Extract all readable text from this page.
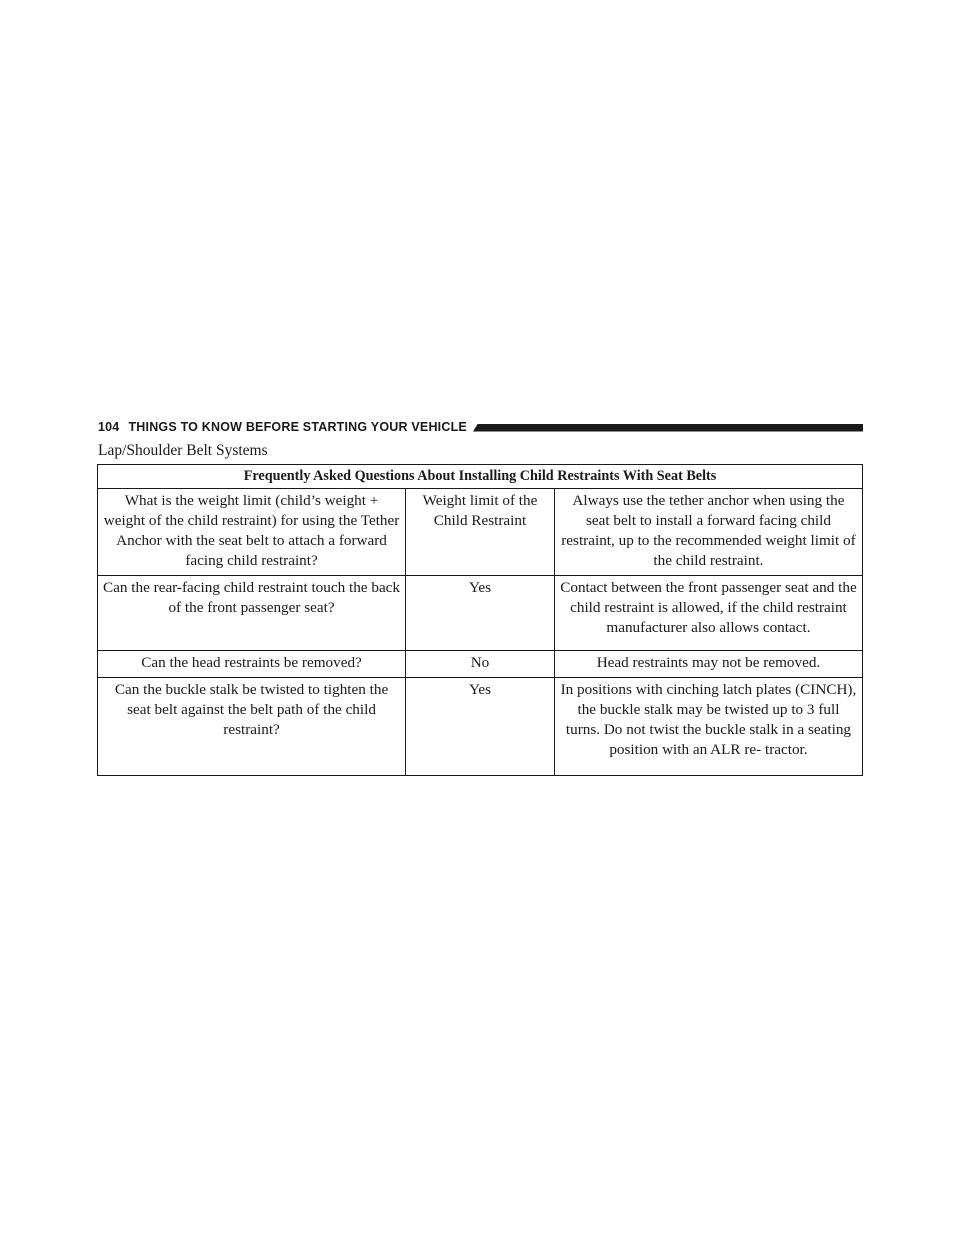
104 THINGS TO KNOW BEFORE STARTING YOUR VEHICLE
Lap/Shoulder Belt Systems
Frequently Asked Questions About Installing Child Restraints With Seat Belts		
What is the weight limit (child’s weight + weight of the child restraint) for using the Tether Anchor with the seat belt to attach a forward facing child restraint?	Weight limit of the Child Restraint	Always use the tether anchor when using the seat belt to install a forward facing child restraint, up to the recommended weight limit of the child restraint.
Can the rear-facing child restraint touch the back of the front passenger seat?	Yes	Contact between the front passenger seat and the child restraint is allowed, if the child restraint manufacturer also allows contact.
Can the head restraints be removed?	No	Head restraints may not be removed.
Can the buckle stalk be twisted to tighten the seat belt against the belt path of the child restraint?	Yes	In positions with cinching latch plates (CINCH), the buckle stalk may be twisted up to 3 full turns. Do not twist the buckle stalk in a seating position with an ALR re- tractor.
